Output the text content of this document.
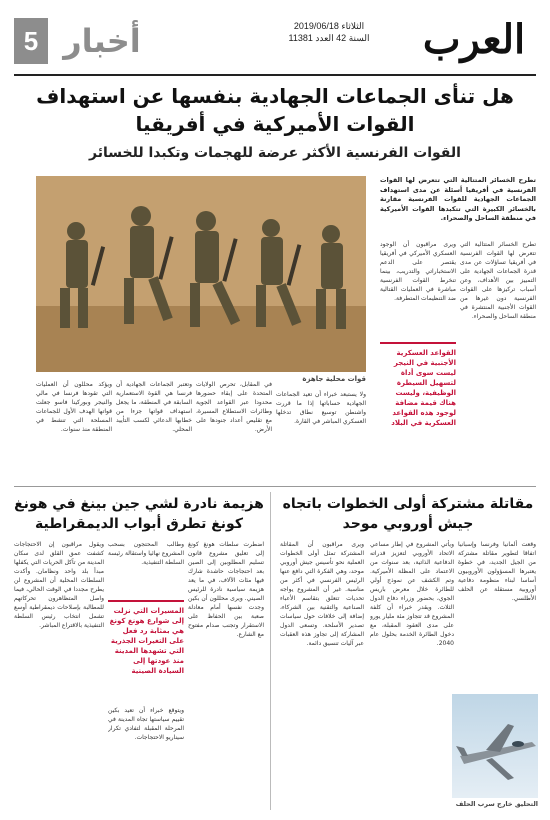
العرب
الثلاثاء 2019/06/18
السنة 42 العدد 11381
5 أخبار
هل تنأى الجماعات الجهادية بنفسها عن استهداف القوات الأميركية في أفريقيا
القوات الفرنسية الأكثر عرضة للهجمات وتكبدا للخسائر
قوات محلية جاهزة

تطرح الخسائر المتتالية التي تتعرض لها القوات الفرنسية في أفريقيا أسئلة عن مدى استهداف الجماعات الجهادية للقوات الفرنسية مقارنة بالخسائر الكبيرة التي تتكبدها القوات الأميركية في منطقة الساحل والصحراء.

تطرح الخسائر المتتالية التي تتعرض لها القوات الفرنسية في أفريقيا تساؤلات عن مدى قدرة الجماعات الجهادية على التمييز بين الأهداف، وعن أسباب تركيزها على القوات الفرنسية دون غيرها من القوات الأجنبية المنتشرة في منطقة الساحل والصحراء.

ويرى مراقبون أن الوجود العسكري الأميركي في أفريقيا يقتصر على الدعم الاستخباراتي والتدريب، بينما تنخرط القوات الفرنسية مباشرة في العمليات القتالية ضد التنظيمات المتطرفة.

القواعد العسكرية الأجنبية في النيجر ليست سوى أداة لتسهيل السيطرة الوظيفية، وليست هناك قيمة مضافة لوجود هذه القواعد العسكرية في البلاد

ويؤكد محللون أن العمليات التي تقودها فرنسا في مالي والنيجر وبوركينا فاسو جعلت قواتها الهدف الأول للجماعات المسلحة التي تنشط في المنطقة منذ سنوات.

وتعتبر الجماعات الجهادية أن فرنسا هي القوة الاستعمارية السابقة في المنطقة، ما يجعل استهداف قواتها جزءا من خطابها الدعائي لكسب التأييد المحلي.

في المقابل، تحرص الولايات المتحدة على إبقاء حضورها محدودا عبر القواعد الجوية وطائرات الاستطلاع المسيرة، مع تقليص أعداد جنودها على الأرض.

ولا يستبعد خبراء أن تعيد الجماعات الجهادية حساباتها إذا ما قررت واشنطن توسيع نطاق تدخلها العسكري المباشر في القارة.

مقاتلة مشتركة أولى الخطوات باتجاه جيش أوروبي موحد

وقعت ألمانيا وفرنسا وإسبانيا اتفاقا لتطوير مقاتلة مشتركة من الجيل الجديد، في خطوة يعتبرها المسؤولون الأوروبيون أساسا لبناء منظومة دفاعية أوروبية مستقلة عن الحلف الأطلسي.

ويأتي المشروع في إطار مساعي الاتحاد الأوروبي لتعزيز قدراته الدفاعية الذاتية، بعد سنوات من الاعتماد على المظلة الأميركية. وتم الكشف عن نموذج أولي للطائرة خلال معرض باريس الجوي، بحضور وزراء دفاع الدول الثلاث. ويقدر خبراء أن كلفة المشروع قد تتجاوز مئة مليار يورو على مدى العقود المقبلة، مع دخول الطائرة الخدمة بحلول عام 2040.

ويرى مراقبون أن المقاتلة المشتركة تمثل أولى الخطوات العملية نحو تأسيس جيش أوروبي موحد، وهي الفكرة التي دافع عنها الرئيس الفرنسي في أكثر من مناسبة. غير أن المشروع يواجه تحديات تتعلق بتقاسم الأعباء الصناعية والتقنية بين الشركاء، إضافة إلى خلافات حول سياسات تصدير الأسلحة. وتسعى الدول المشاركة إلى تجاوز هذه العقبات عبر آليات تنسيق دائمة.

التحليق خارج سرب الحلف
هزيمة نادرة لشي جين بينغ في هونغ كونغ تطرق أبواب الديمقراطية

اضطرت سلطات هونغ كونغ إلى تعليق مشروع قانون تسليم المطلوبين إلى الصين بعد احتجاجات حاشدة شارك فيها مئات الآلاف، في ما يعد هزيمة سياسية نادرة للرئيس الصيني. ويرى محللون أن بكين وجدت نفسها أمام معادلة صعبة بين الحفاظ على الاستقرار وتجنب صدام مفتوح مع الشارع.

وطالب المحتجون بسحب المشروع نهائيا واستقالة رئيسة السلطة التنفيذية.

ويقول مراقبون إن الاحتجاجات كشفت عمق القلق لدى سكان المدينة من تآكل الحريات التي يكفلها مبدأ بلد واحد ونظامان. وأكدت السلطات المحلية أن المشروع لن يطرح مجددا في الوقت الحالي، فيما واصل المتظاهرون تحركاتهم للمطالبة بإصلاحات ديمقراطية أوسع تشمل انتخاب رئيس السلطة التنفيذية بالاقتراع المباشر.

المسيرات التي نزلت إلى شوارع هونغ كونغ هي بمثابة رد فعل على التغيرات الجذرية التي تشهدها المدينة منذ عودتها إلى السيادة الصينية

ويتوقع خبراء أن تعيد بكين تقييم سياستها تجاه المدينة في المرحلة المقبلة لتفادي تكرار سيناريو الاحتجاجات.
